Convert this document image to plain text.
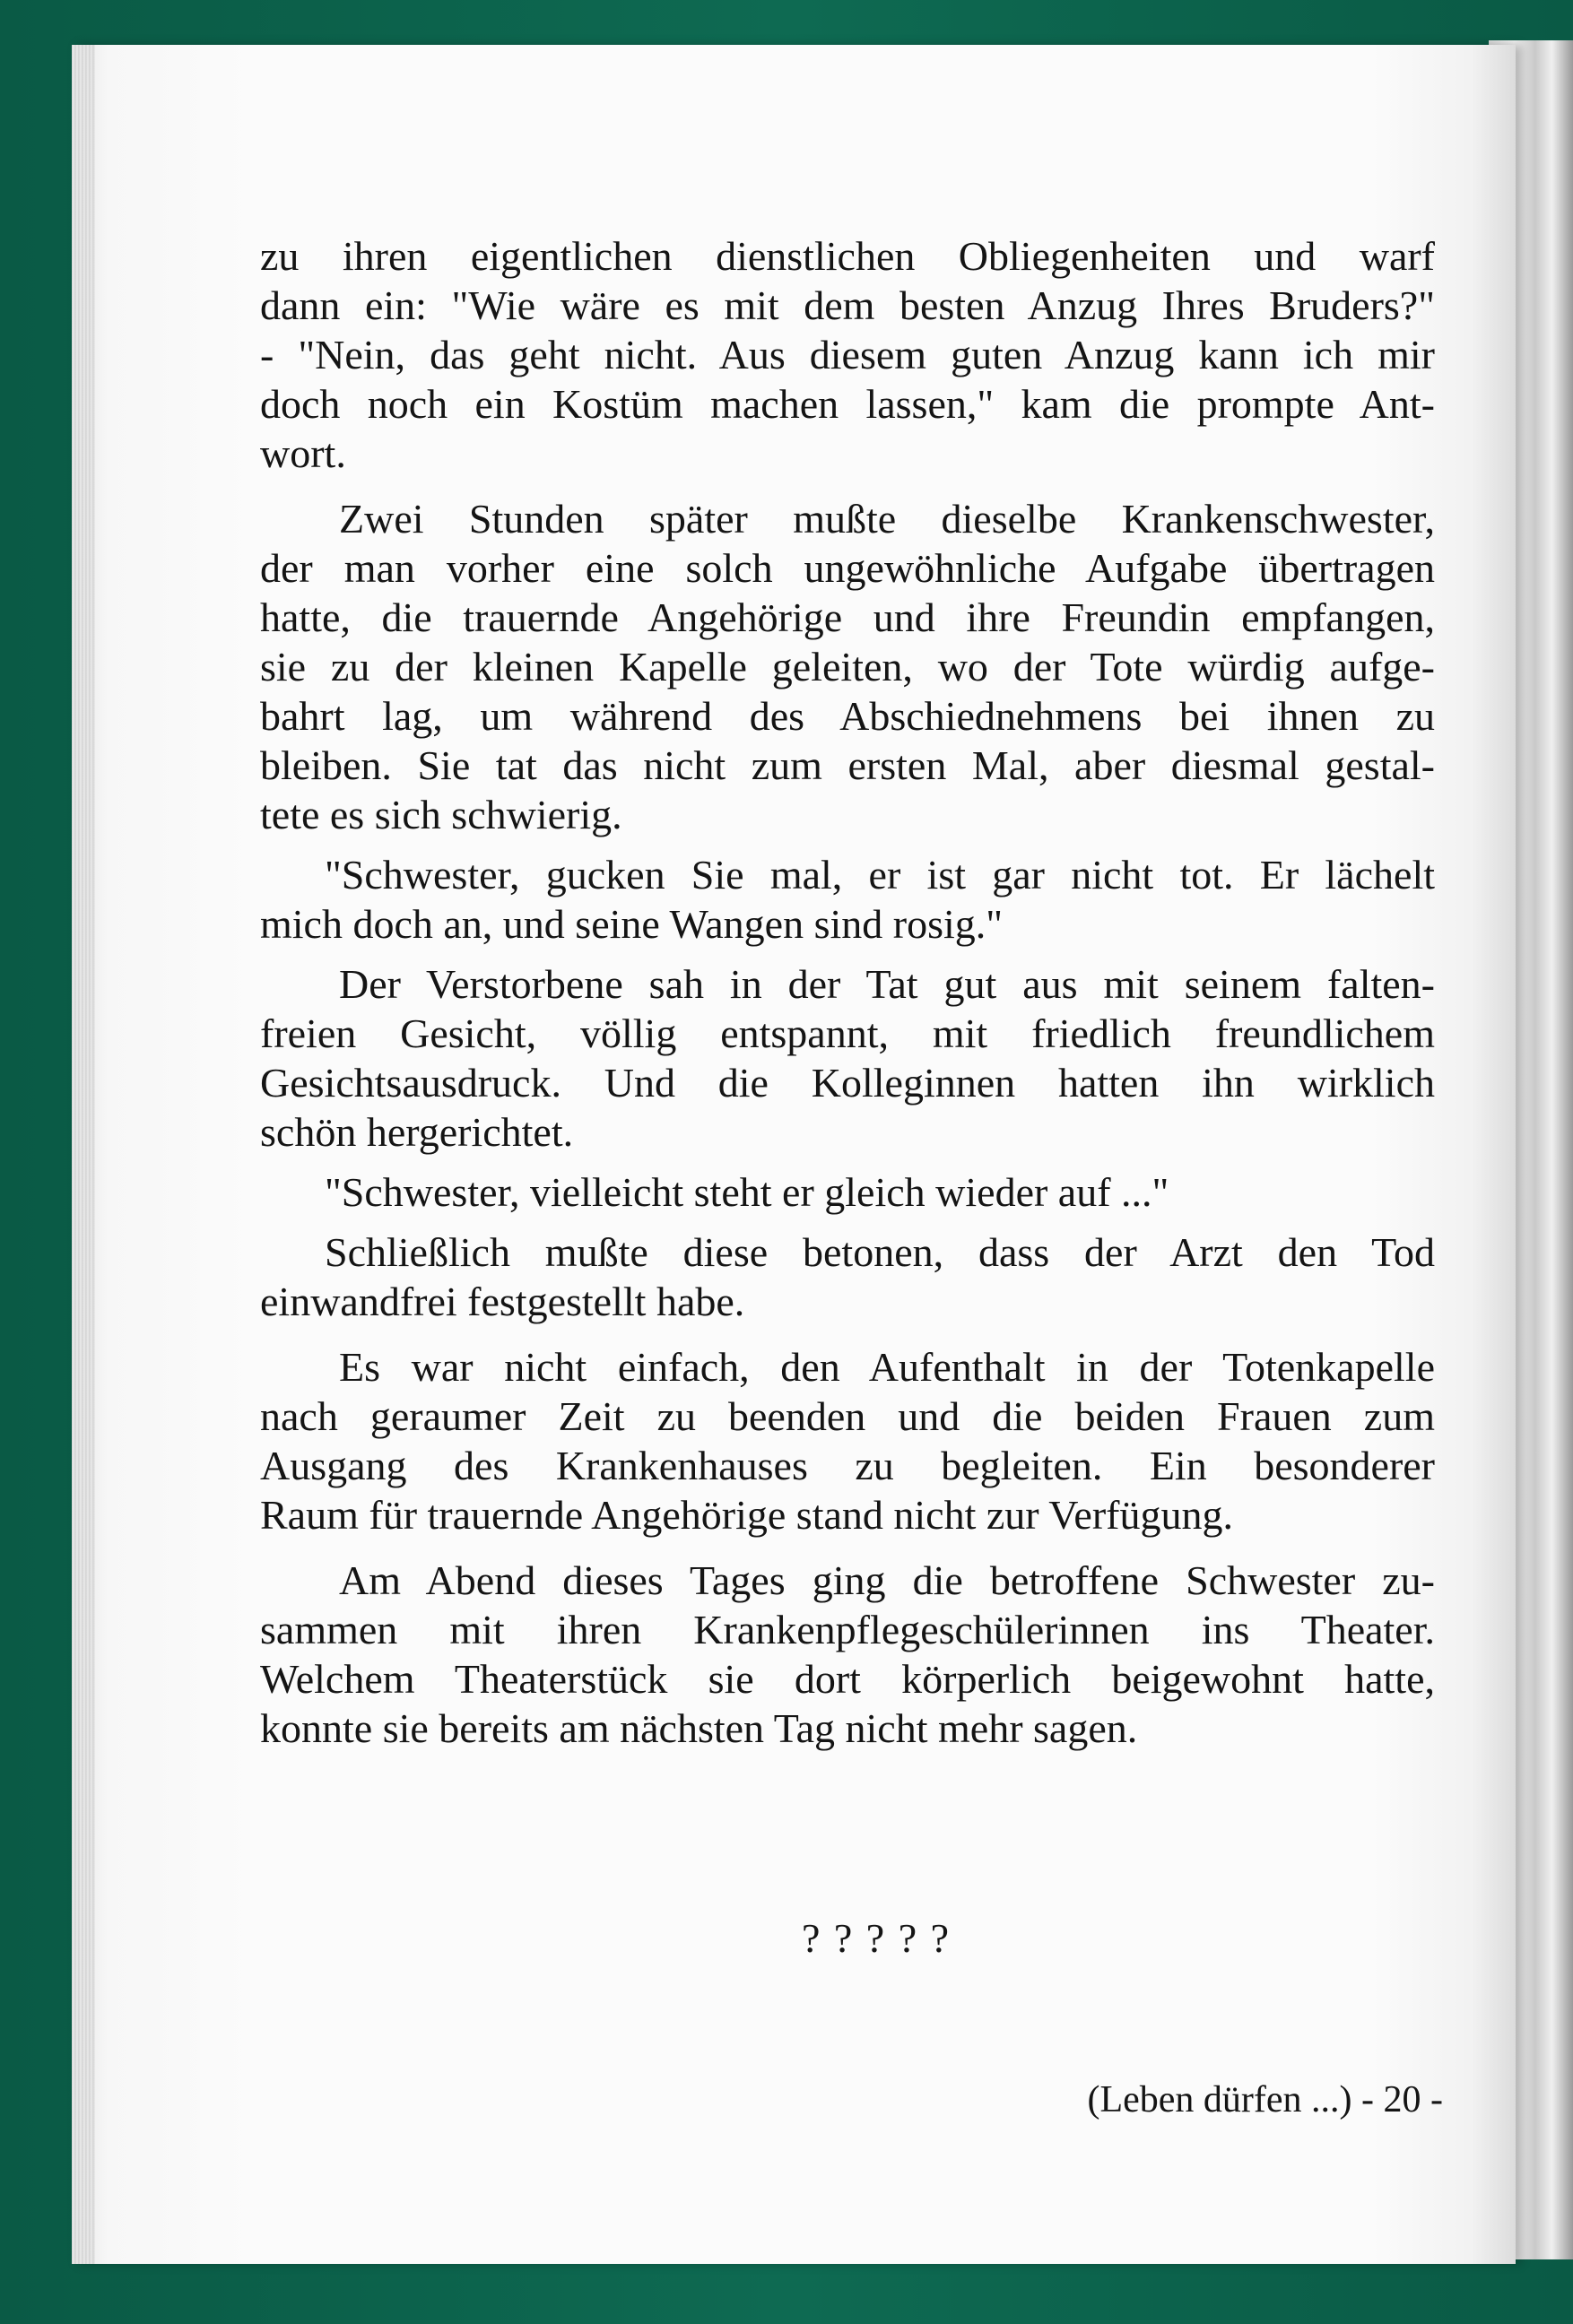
zu ihren eigentlichen dienstlichen Obliegenheiten und warf
dann ein: "Wie wäre es mit dem besten Anzug Ihres Bruders?"
- "Nein, das geht nicht. Aus diesem guten Anzug kann ich mir
doch noch ein Kostüm machen lassen," kam die prompte Ant-
wort.
Zwei Stunden später mußte dieselbe Krankenschwester,
der man vorher eine solch ungewöhnliche Aufgabe übertragen
hatte, die trauernde Angehörige und ihre Freundin empfangen,
sie zu der kleinen Kapelle geleiten, wo der Tote würdig aufge-
bahrt lag, um während des Abschiednehmens bei ihnen zu
bleiben. Sie tat das nicht zum ersten Mal, aber diesmal gestal-
tete es sich schwierig.
"Schwester, gucken Sie mal, er ist gar nicht tot. Er lächelt
mich doch an, und seine Wangen sind rosig."
Der Verstorbene sah in der Tat gut aus mit seinem falten-
freien Gesicht, völlig entspannt, mit friedlich freundlichem
Gesichtsausdruck. Und die Kolleginnen hatten ihn wirklich
schön hergerichtet.
"Schwester, vielleicht steht er gleich wieder auf ..."
Schließlich mußte diese betonen, dass der Arzt den Tod
einwandfrei festgestellt habe.
Es war nicht einfach, den Aufenthalt in der Totenkapelle
nach geraumer Zeit zu beenden und die beiden Frauen zum
Ausgang des Krankenhauses zu begleiten. Ein besonderer
Raum für trauernde Angehörige stand nicht zur Verfügung.
Am Abend dieses Tages ging die betroffene Schwester zu-
sammen mit ihren Krankenpflegeschülerinnen ins Theater.
Welchem Theaterstück sie dort körperlich beigewohnt hatte,
konnte sie bereits am nächsten Tag nicht mehr sagen.
? ? ? ? ?
(Leben dürfen ...) - 20 -
